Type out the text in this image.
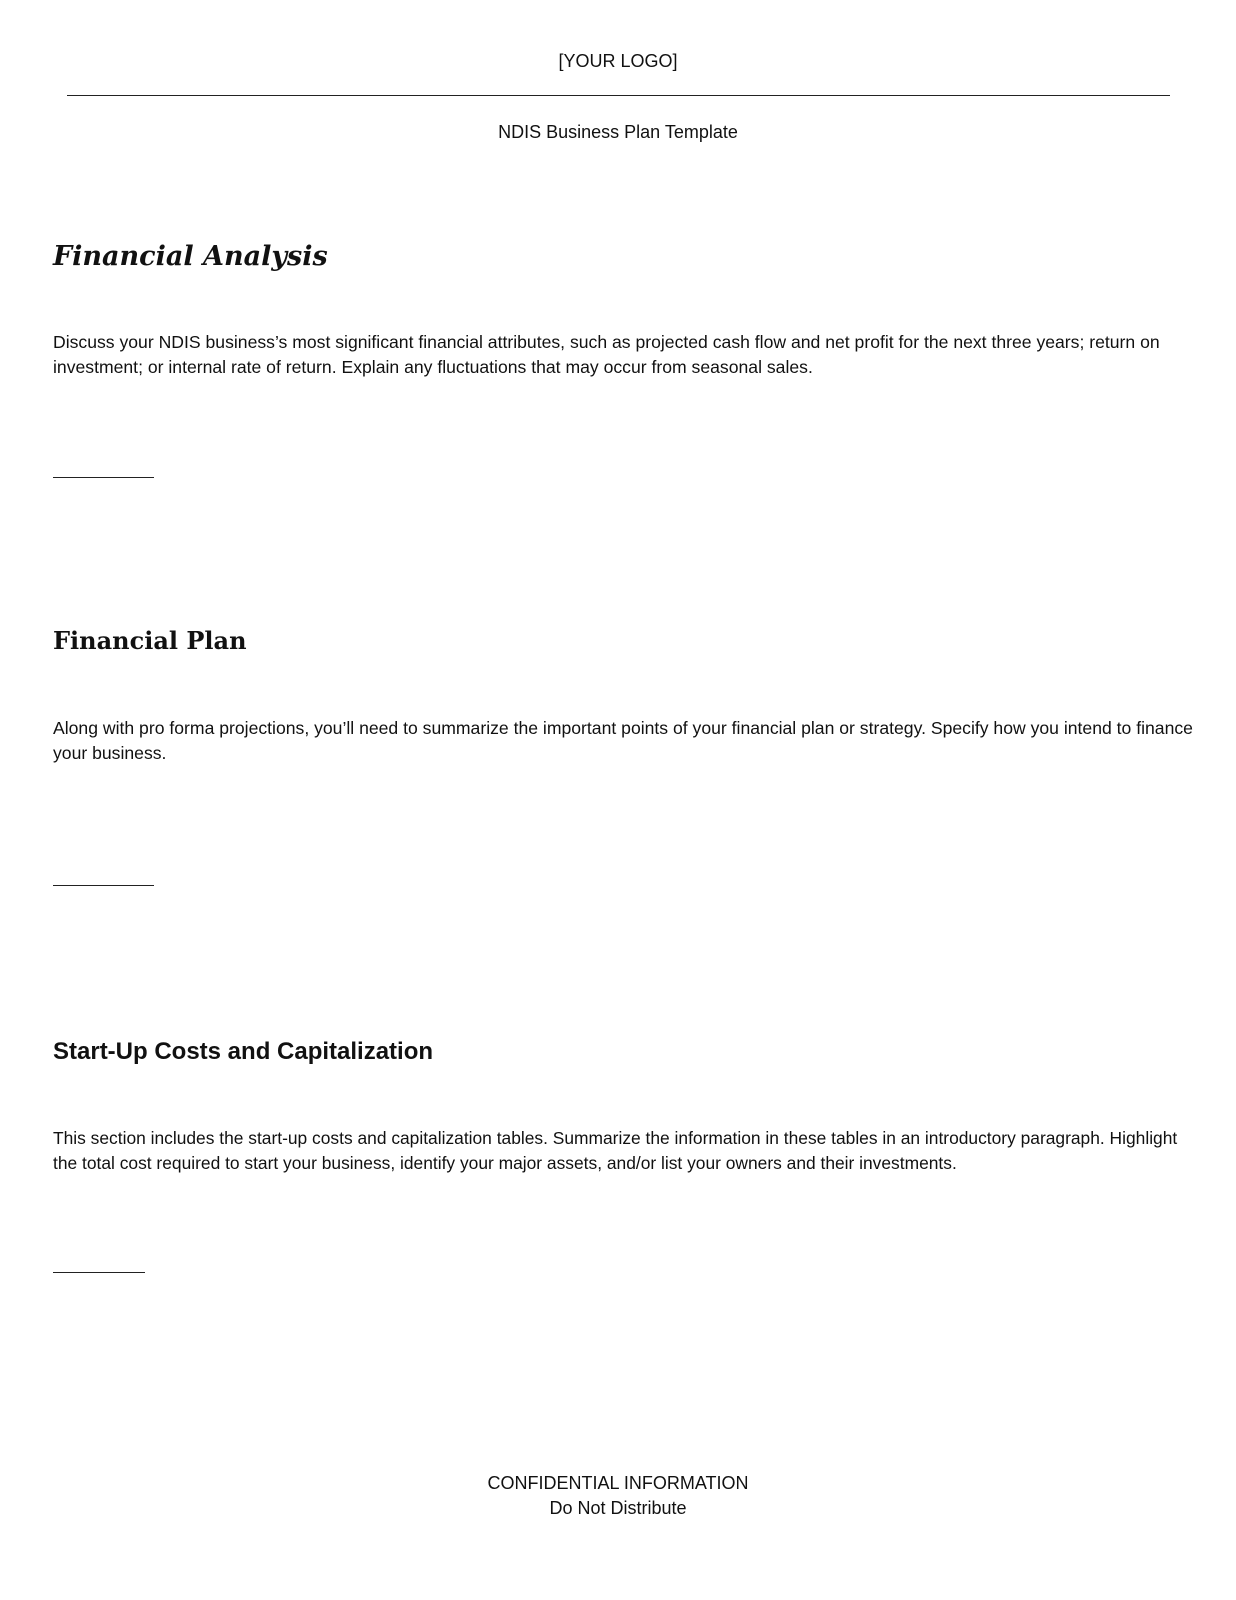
[YOUR LOGO]
NDIS Business Plan Template
Financial Analysis

Discuss your NDIS business’s most significant financial attributes, such as projected cash flow and net profit for the next three years; return on investment; or internal rate of return. Explain any fluctuations that may occur from seasonal sales.

Financial Plan

Along with pro forma projections, you’ll need to summarize the important points of your financial plan or strategy. Specify how you intend to finance your business.

Start-Up Costs and Capitalization

This section includes the start-up costs and capitalization tables. Summarize the information in these tables in an introductory paragraph. Highlight the total cost required to start your business, identify your major assets, and/or list your owners and their investments.

CONFIDENTIAL INFORMATION
Do Not Distribute
